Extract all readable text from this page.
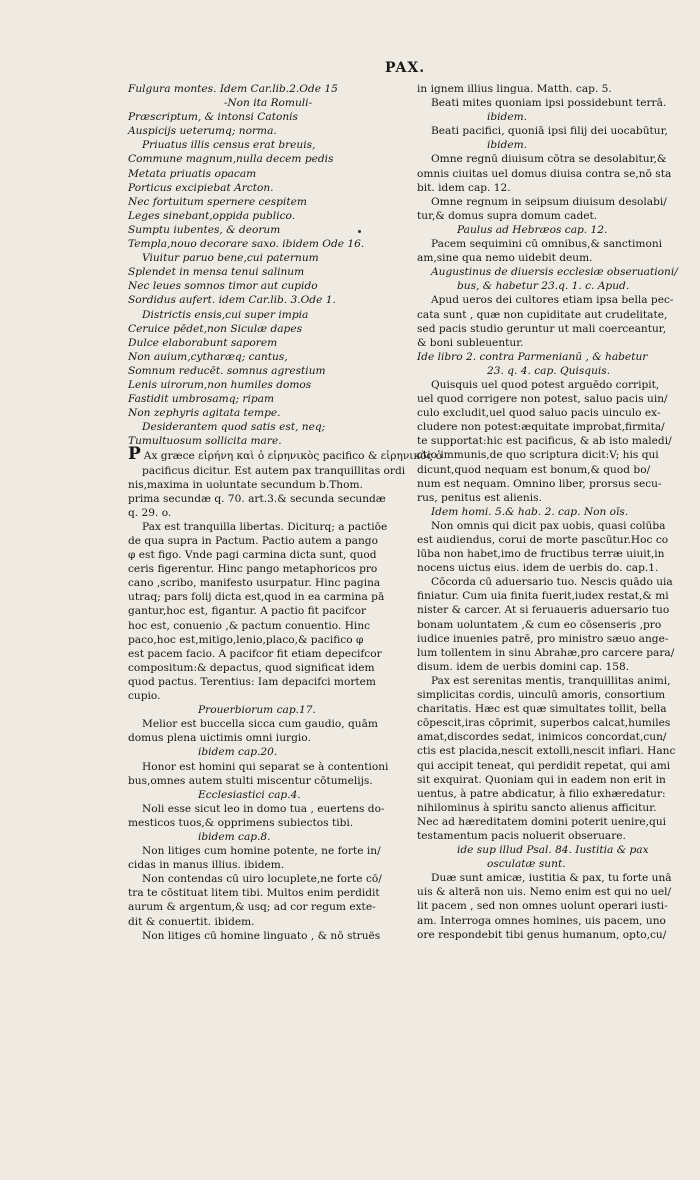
PAX.
Fulgura montes. Idem Car.lib.2.Ode 15
-Non ita Romuli-
Præscriptum, & intonsi Catonis
Auspicijs ueterumq; norma.
Priuatus illis census erat breuis,
Commune magnum,nulla decem pedis
Metata priuatis opacam
Porticus excipiebat Arcton.
Nec fortuitum spernere cespitem
Leges sinebant,oppida publico.
Sumptu iubentes, & deorum
Templa,nouo decorare saxo. ibidem Ode 16.
Viuitur paruo bene,cui paternum
Splendet in mensa tenui salinum
Nec leues somnos timor aut cupido
Sordidus aufert. idem Car.lib. 3.Ode 1.
Districtis ensis,cui super impia
Ceruice pēdet,non Siculæ dapes
Dulce elaborabunt saporem
Non auium,cytharæq; cantus,
Somnum reducēt. somnus agrestium
Lenis uirorum,non humiles domos
Fastidit umbrosamq; ripam
Non zephyris agitata tempe.
Desiderantem quod satis est, neq;
Tumultuosum sollicita mare.
P Ax græce εἰρήνη καὶ ὁ εἰρηνικὸς pacifico & εἰρηνικὸς ὁ
pacificus dicitur. Est autem pax tranquillitas ordi
nis,maxima in uoluntate secundum b.Thom.
prima secundæ q. 70. art.3.& secunda secundæ
q. 29. o.
Pax est tranquilla libertas. Diciturq; a pactiōe
de qua supra in Pactum. Pactio autem a pango
φ est figo. Vnde pagi carmina dicta sunt, quod
ceris figerentur. Hinc pango metaphoricos pro
cano ,scribo, manifesto usurpatur. Hinc pagina
utraq; pars folij dicta est,quod in ea carmina pā
gantur,hoc est, figantur. A pactio fit pacifcor
hoc est, conuenio ,& pactum conuentio. Hinc
paco,hoc est,mitigo,lenio,placo,& pacifico φ
est pacem facio. A pacifcor fit etiam depecifcor
compositum:& depactus, quod significat idem
quod pactus. Terentius: Iam depacifci mortem
cupio.
Prouerbiorum cap.17.
Melior est buccella sicca cum gaudio, quām
domus plena uictimis omni iurgio.
ibidem cap.20.
Honor est homini qui separat se à contentioni
bus,omnes autem stulti miscentur cōtumelijs.
Ecclesiastici cap.4.
Noli esse sicut leo in domo tua , euertens do-
mesticos tuos,& opprimens subiectos tibi.
ibidem cap.8.
Non litiges cum homine potente, ne forte in/
cidas in manus illius. ibidem.
Non contendas cū uiro locuplete,ne forte cō/
tra te cōstituat litem tibi. Multos enim perdidit
aurum & argentum,& usq; ad cor regum exte-
dit & conuertit. ibidem.
Non litiges cū homine linguato , & nō struës
in ignem illius lingua. Matth. cap. 5.
Beati mites quoniam ipsi possidebunt terrā.
ibidem.
Beati pacifici, quoniā ipsi filij dei uocabūtur,
ibidem.
Omne regnū diuisum cōtra se desolabitur,&
omnis ciuitas uel domus diuisa contra se,nō sta
bit. idem cap. 12.
Omne regnum in seipsum diuisum desolabi/
tur,& domus supra domum cadet.
Paulus ad Hebræos cap. 12.
Pacem sequimini cū omnibus,& sanctimoni
am,sine qua nemo uidebit deum.
Augustinus de diuersis ecclesiæ obseruationi/
bus, & habetur 23.q. 1. c. Apud.
Apud ueros dei cultores etiam ipsa bella pec-
cata sunt , quæ non cupiditate aut crudelitate,
sed pacis studio geruntur ut mali coerceantur,
& boni subleuentur.
Ide libro 2. contra Parmenianū , & habetur
23. q. 4. cap. Quisquis.
Quisquis uel quod potest arguēdo corripit,
uel quod corrigere non potest, saluo pacis uin/
culo excludit,uel quod saluo pacis uinculo ex-
cludere non potest:æquitate improbat,firmita/
te supportat:hic est pacificus, & ab isto maledi/
ctio immunis,de quo scriptura dicit:V; his qui
dicunt,quod nequam est bonum,& quod bo/
num est nequam. Omnino liber, prorsus secu-
rus, penitus est alienis.
Idem homi. 5.& hab. 2. cap. Non oīs.
Non omnis qui dicit pax uobis, quasi colūba
est audiendus, corui de morte pascūtur.Hoc co
lūba non habet,imo de fructibus terræ uiuit,in
nocens uictus eius. idem de uerbis do. cap.1.
Cōcorda cū aduersario tuo. Nescis quādo uia
finiatur. Cum uia finita fuerit,iudex restat,& mi
nister & carcer. At si feruaueris aduersario tuo
bonam uoluntatem ,& cum eo cōsenseris ,pro
iudice inuenies patrē, pro ministro sæuo ange-
lum tollentem in sinu Abrahæ,pro carcere para/
disum. idem de uerbis domini cap. 158.
Pax est serenitas mentis, tranquillitas animi,
simplicitas cordis, uinculū amoris, consortium
charitatis. Hæc est quæ simultates tollit, bella
cōpescit,iras cōprimit, superbos calcat,humiles
amat,discordes sedat, inimicos concordat,cun/
ctis est placida,nescit extolli,nescit inflari. Hanc
qui accipit teneat, qui perdidit repetat, qui ami
sit exquirat. Quoniam qui in eadem non erit in
uentus, à patre abdicatur, à filio exhæredatur:
nihilominus à spiritu sancto alienus afficitur.
Nec ad hæreditatem domini poterit uenire,qui
testamentum pacis noluerit obseruare.
ide sup illud Psal. 84. Iustitia & pax
osculatæ sunt.
Duæ sunt amicæ, iustitia & pax, tu forte unā
uis & alterā non uis. Nemo enim est qui no uel/
lit pacem , sed non omnes uolunt operari iusti-
am. Interroga omnes homines, uis pacem, uno
ore respondebit tibi genus humanum, opto,cu/
